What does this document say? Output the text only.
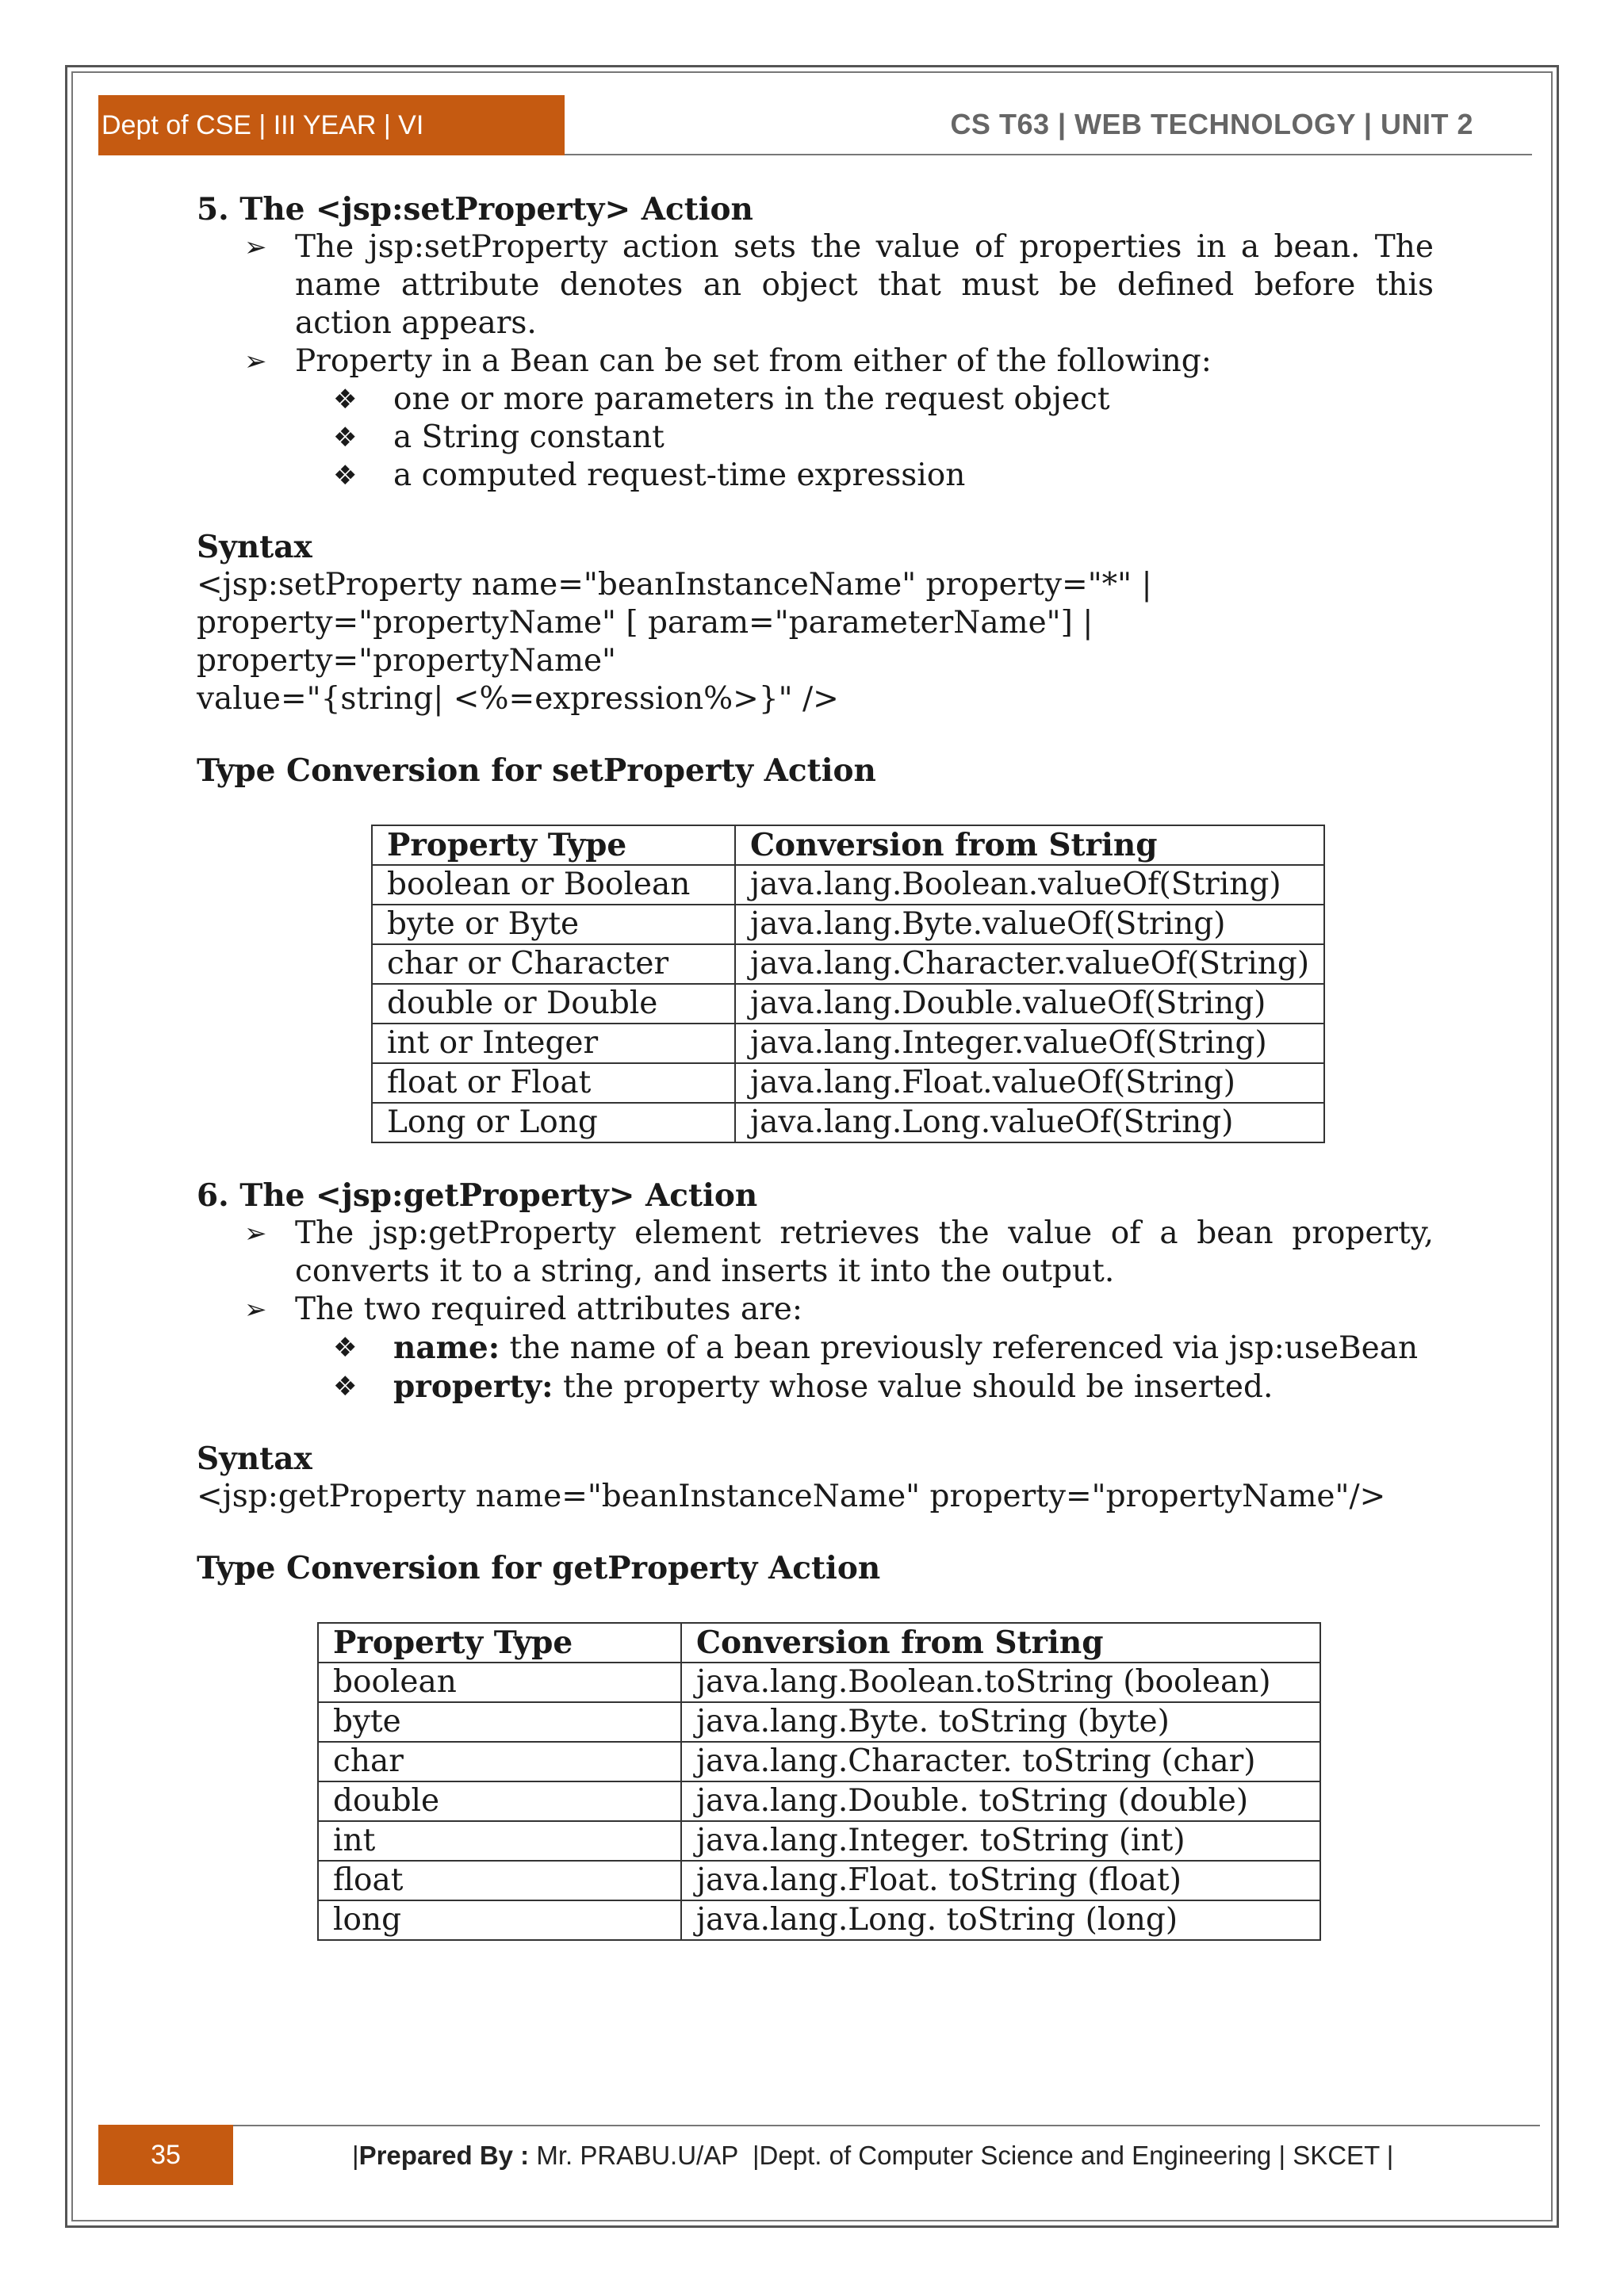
Dept of CSE | III YEAR | VI SEMESTER
CS T63 | WEB TECHNOLOGY | UNIT 2
5. The <jsp:setProperty> Action
➢ The jsp:setProperty action sets the value of properties in a bean. The name attribute denotes an object that must be defined before this action appears.
➢ Property in a Bean can be set from either of the following:
❖ one or more parameters in the request object
❖ a String constant
❖ a computed request-time expression
Syntax
<jsp:setProperty name="beanInstanceName" property="*" |
property="propertyName" [ param="parameterName"] | property="propertyName"
value="{string| <%=expression%>}" />
Type Conversion for setProperty Action
Property Type	Conversion from String
boolean or Boolean	java.lang.Boolean.valueOf(String)
byte or Byte	java.lang.Byte.valueOf(String)
char or Character	java.lang.Character.valueOf(String)
double or Double	java.lang.Double.valueOf(String)
int or Integer	java.lang.Integer.valueOf(String)
float or Float	java.lang.Float.valueOf(String)
Long or Long	java.lang.Long.valueOf(String)
6. The <jsp:getProperty> Action
➢ The jsp:getProperty element retrieves the value of a bean property, converts it to a string, and inserts it into the output.
➢ The two required attributes are:
❖ name: the name of a bean previously referenced via jsp:useBean
❖ property: the property whose value should be inserted.
Syntax
<jsp:getProperty name="beanInstanceName" property="propertyName"/>
Type Conversion for getProperty Action
Property Type	Conversion from String
boolean	java.lang.Boolean.toString (boolean)
byte	java.lang.Byte. toString (byte)
char	java.lang.Character. toString (char)
double	java.lang.Double. toString (double)
int	java.lang.Integer. toString (int)
float	java.lang.Float. toString (float)
long	java.lang.Long. toString (long)
35	|Prepared By : Mr. PRABU.U/AP  |Dept. of Computer Science and Engineering | SKCET |
